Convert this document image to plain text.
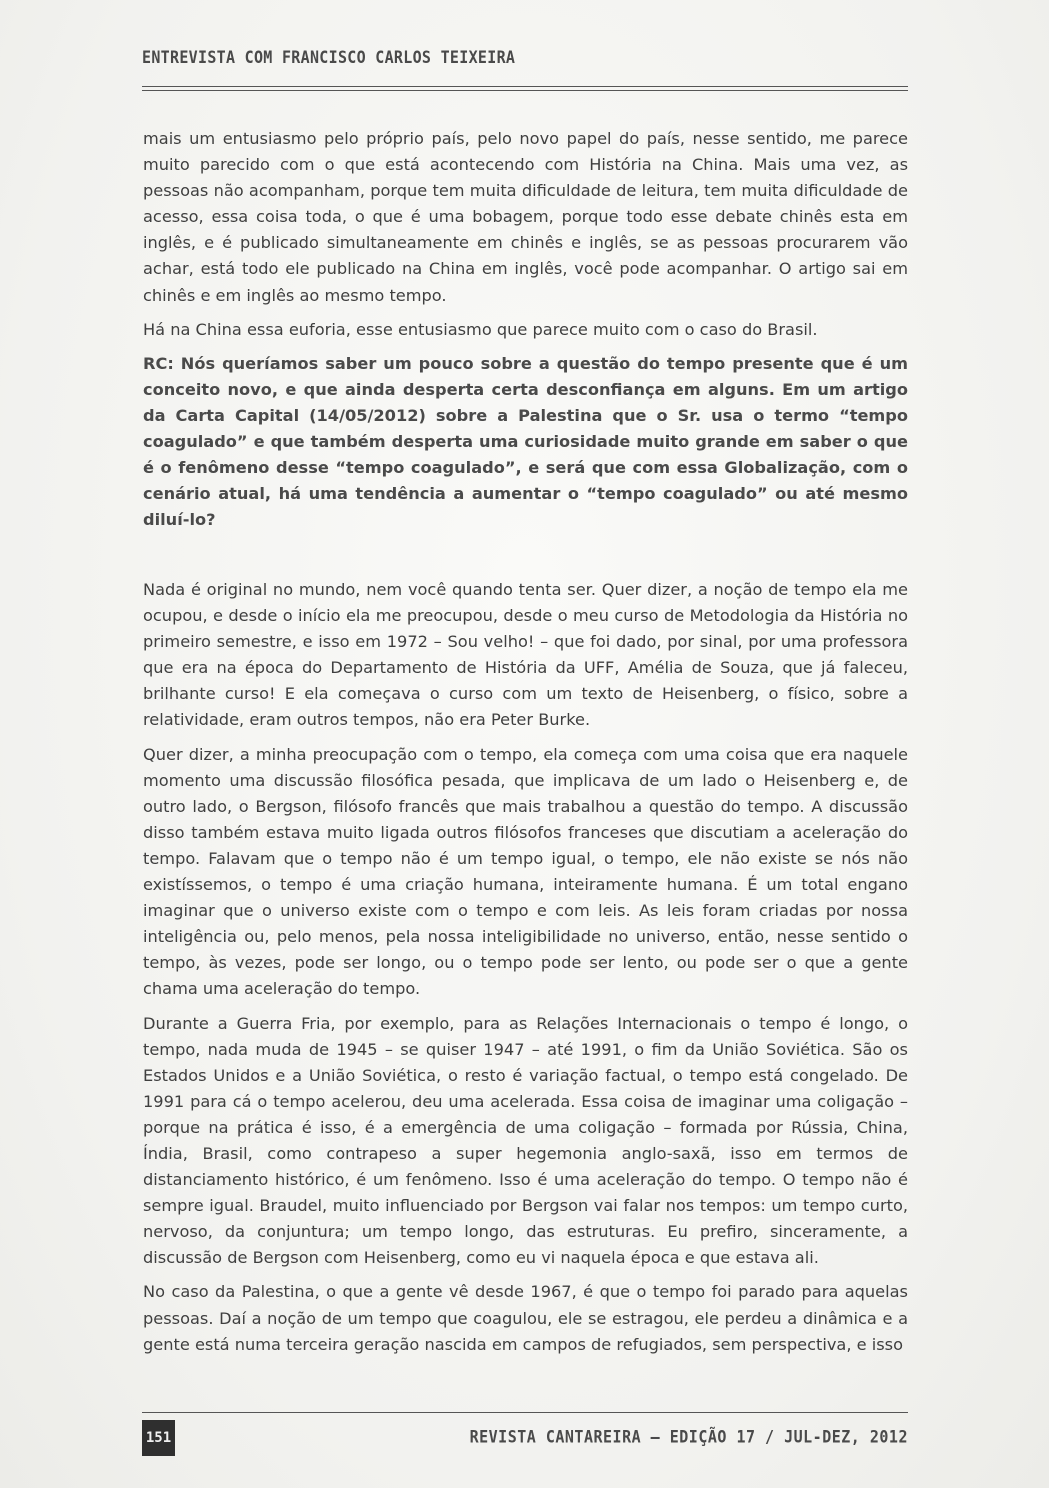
ENTREVISTA COM FRANCISCO CARLOS TEIXEIRA

mais um entusiasmo pelo próprio país, pelo novo papel do país, nesse sentido, me parece muito parecido com o que está acontecendo com História na China. Mais uma vez, as pessoas não acompanham, porque tem muita dificuldade de leitura, tem muita dificuldade de acesso, essa coisa toda, o que é uma bobagem, porque todo esse debate chinês esta em inglês, e é publicado simultaneamente em chinês e inglês, se as pessoas procurarem vão achar, está todo ele publicado na China em inglês, você pode acompanhar. O artigo sai em chinês e em inglês ao mesmo tempo.

Há na China essa euforia, esse entusiasmo que parece muito com o caso do Brasil.

RC: Nós queríamos saber um pouco sobre a questão do tempo presente que é um conceito novo, e que ainda desperta certa desconfiança em alguns. Em um artigo da Carta Capital (14/05/2012) sobre a Palestina que o Sr. usa o termo “tempo coagulado” e que também desperta uma curiosidade muito grande em saber o que é o fenômeno desse “tempo coagulado”, e será que com essa Globalização, com o cenário atual, há uma tendência a aumentar o “tempo coagulado” ou até mesmo diluí-lo?

Nada é original no mundo, nem você quando tenta ser. Quer dizer, a noção de tempo ela me ocupou, e desde o início ela me preocupou, desde o meu curso de Metodologia da História no primeiro semestre, e isso em 1972 – Sou velho! – que foi dado, por sinal, por uma professora que era na época do Departamento de História da UFF, Amélia de Souza, que já faleceu, brilhante curso! E ela começava o curso com um texto de Heisenberg, o físico, sobre a relatividade, eram outros tempos, não era Peter Burke.

Quer dizer, a minha preocupação com o tempo, ela começa com uma coisa que era naquele momento uma discussão filosófica pesada, que implicava de um lado o Heisenberg e, de outro lado, o Bergson, filósofo francês que mais trabalhou a questão do tempo. A discussão disso também estava muito ligada outros filósofos franceses que discutiam a aceleração do tempo. Falavam que o tempo não é um tempo igual, o tempo, ele não existe se nós não existíssemos, o tempo é uma criação humana, inteiramente humana. É um total engano imaginar que o universo existe com o tempo e com leis. As leis foram criadas por nossa inteligência ou, pelo menos, pela nossa inteligibilidade no universo, então, nesse sentido o tempo, às vezes, pode ser longo, ou o tempo pode ser lento, ou pode ser o que a gente chama uma aceleração do tempo.

Durante a Guerra Fria, por exemplo, para as Relações Internacionais o tempo é longo, o tempo, nada muda de 1945 – se quiser 1947 – até 1991, o fim da União Soviética. São os Estados Unidos e a União Soviética, o resto é variação factual, o tempo está congelado. De 1991 para cá o tempo acelerou, deu uma acelerada. Essa coisa de imaginar uma coligação – porque na prática é isso, é a emergência de uma coligação – formada por Rússia, China, Índia, Brasil, como contrapeso a super hegemonia anglo-saxã, isso em termos de distanciamento histórico, é um fenômeno. Isso é uma aceleração do tempo. O tempo não é sempre igual. Braudel, muito influenciado por Bergson vai falar nos tempos: um tempo curto, nervoso, da conjuntura; um tempo longo, das estruturas. Eu prefiro, sinceramente, a discussão de Bergson com Heisenberg, como eu vi naquela época e que estava ali.

No caso da Palestina, o que a gente vê desde 1967, é que o tempo foi parado para aquelas pessoas. Daí a noção de um tempo que coagulou, ele se estragou, ele perdeu a dinâmica e a gente está numa terceira geração nascida em campos de refugiados, sem perspectiva, e isso

151	REVISTA CANTAREIRA – EDIÇÃO 17 / JUL-DEZ, 2012
